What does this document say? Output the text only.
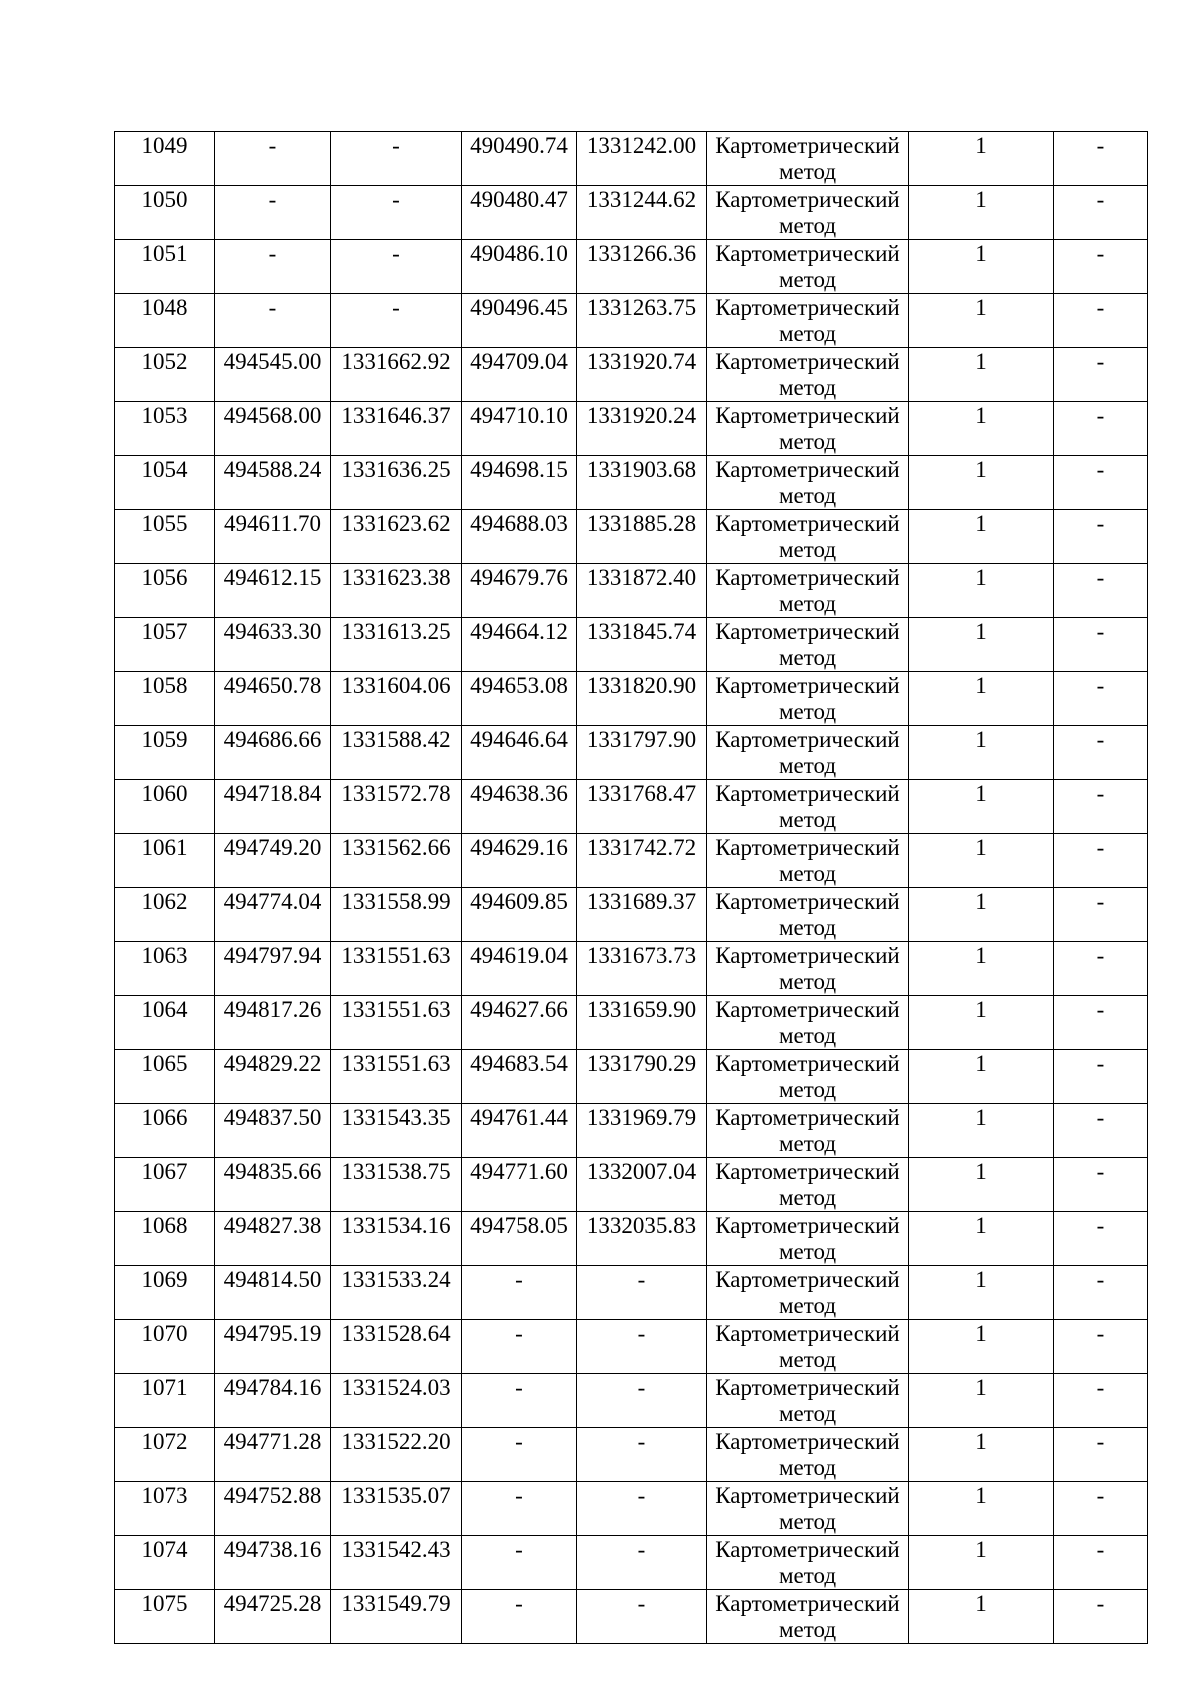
1049	-	-	490490.74	1331242.00	Картометрический метод	1	-

1050	-	-	490480.47	1331244.62	Картометрический метод	1	-

1051	-	-	490486.10	1331266.36	Картометрический метод	1	-

1048	-	-	490496.45	1331263.75	Картометрический метод	1	-

1052	494545.00	1331662.92	494709.04	1331920.74	Картометрический метод	1	-

1053	494568.00	1331646.37	494710.10	1331920.24	Картометрический метод	1	-

1054	494588.24	1331636.25	494698.15	1331903.68	Картометрический метод	1	-

1055	494611.70	1331623.62	494688.03	1331885.28	Картометрический метод	1	-

1056	494612.15	1331623.38	494679.76	1331872.40	Картометрический метод	1	-

1057	494633.30	1331613.25	494664.12	1331845.74	Картометрический метод	1	-

1058	494650.78	1331604.06	494653.08	1331820.90	Картометрический метод	1	-

1059	494686.66	1331588.42	494646.64	1331797.90	Картометрический метод	1	-

1060	494718.84	1331572.78	494638.36	1331768.47	Картометрический метод	1	-

1061	494749.20	1331562.66	494629.16	1331742.72	Картометрический метод	1	-

1062	494774.04	1331558.99	494609.85	1331689.37	Картометрический метод	1	-

1063	494797.94	1331551.63	494619.04	1331673.73	Картометрический метод	1	-

1064	494817.26	1331551.63	494627.66	1331659.90	Картометрический метод	1	-

1065	494829.22	1331551.63	494683.54	1331790.29	Картометрический метод	1	-

1066	494837.50	1331543.35	494761.44	1331969.79	Картометрический метод	1	-

1067	494835.66	1331538.75	494771.60	1332007.04	Картометрический метод	1	-

1068	494827.38	1331534.16	494758.05	1332035.83	Картометрический метод	1	-

1069	494814.50	1331533.24	-	-	Картометрический метод	1	-

1070	494795.19	1331528.64	-	-	Картометрический метод	1	-

1071	494784.16	1331524.03	-	-	Картометрический метод	1	-

1072	494771.28	1331522.20	-	-	Картометрический метод	1	-

1073	494752.88	1331535.07	-	-	Картометрический метод	1	-

1074	494738.16	1331542.43	-	-	Картометрический метод	1	-

1075	494725.28	1331549.79	-	-	Картометрический метод	1	-
